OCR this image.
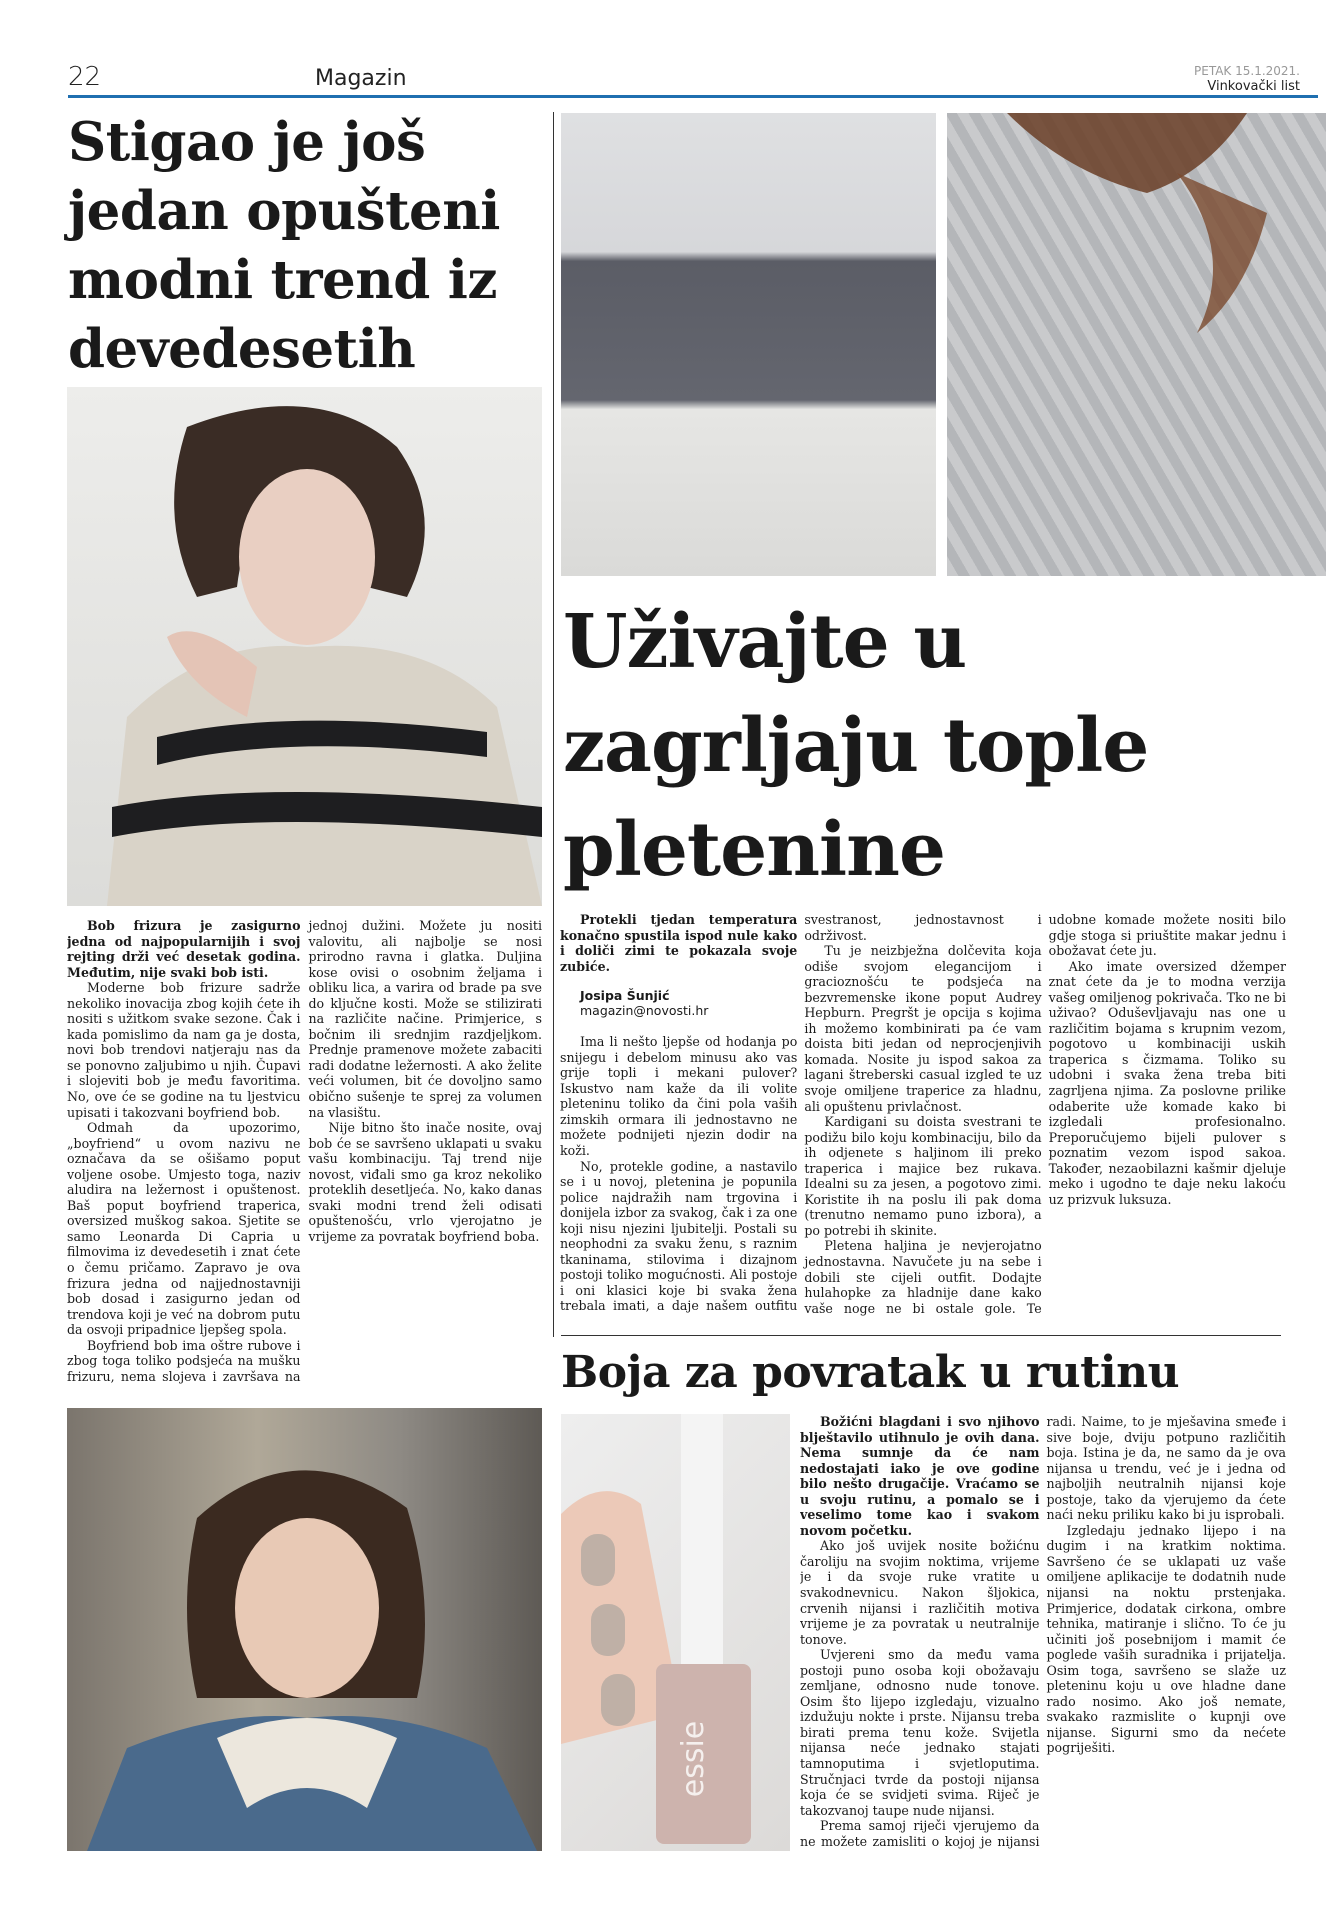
22	Magazin	PETAK 15.1.2021.
Vinkovački list
Stigao je još
jedan opušteni
modni trend iz
devedesetih

Bob frizura je zasigurno jedna od najpopularnijih i svoj rejting drži već desetak godina. Međutim, nije svaki bob isti.

Moderne bob frizure sadrže nekoliko inovacija zbog kojih ćete ih nositi s užitkom svake sezone. Čak i kada pomislimo da nam ga je dosta, novi bob trendovi natjeraju nas da se ponovno zaljubimo u njih. Čupavi i slojeviti bob je među favoritima. No, ove će se godine na tu ljestvicu upisati i takozvani boyfriend bob.

Odmah da upozorimo, „boyfriend“ u ovom nazivu ne označava da se ošišamo poput voljene osobe. Umjesto toga, naziv aludira na ležernost i opuštenost. Baš poput boyfriend traperica, oversized muškog sakoa. Sjetite se samo Leonarda Di Capria u filmovima iz devedesetih i znat ćete o čemu pričamo. Zapravo je ova frizura jedna od najjednostavniji bob dosad i zasigurno jedan od trendova koji je već na dobrom putu da osvoji pripadnice ljepšeg spola.

Boyfriend bob ima oštre rubove i zbog toga toliko podsjeća na mušku frizuru, nema slojeva i završava na jednoj dužini. Možete ju nositi valovitu, ali najbolje se nosi prirodno ravna i glatka. Duljina kose ovisi o osobnim željama i obliku lica, a varira od brade pa sve do ključne kosti. Može se stilizirati na različite načine. Primjerice, s bočnim ili srednjim razdjeljkom. Prednje pramenove možete zabaciti radi dodatne ležernosti. A ako želite veći volumen, bit će dovoljno samo obično sušenje te sprej za volumen na vlasištu.

Nije bitno što inače nosite, ovaj bob će se savršeno uklapati u svaku vašu kombinaciju. Taj trend nije novost, viđali smo ga kroz nekoliko proteklih desetljeća. No, kako danas svaki modni trend želi odisati opuštenošću, vrlo vjerojatno je vrijeme za povratak boyfriend boba.

Uživajte u
zagrljaju tople
pletenine

Protekli tjedan temperatura konačno spustila ispod nule kako i doliči zimi te pokazala svoje zubiće.

Josipa Šunjić

magazin@novosti.hr

Ima li nešto ljepše od hodanja po snijegu i debelom minusu ako vas grije topli i mekani pulover? Iskustvo nam kaže da ili volite pleteninu toliko da čini pola vaših zimskih ormara ili jednostavno ne možete podnijeti njezin dodir na koži.

No, protekle godine, a nastavilo se i u novoj, pletenina je popunila police najdražih nam trgovina i donijela izbor za svakog, čak i za one koji nisu njezini ljubitelji. Postali su neophodni za svaku ženu, s raznim tkaninama, stilovima i dizajnom postoji toliko mogućnosti. Ali postoje i oni klasici koje bi svaka žena trebala imati, a daje našem outfitu svestranost, jednostavnost i održivost.

Tu je neizbježna dolčevita koja odiše svojom elegancijom i gracioznošću te podsjeća na bezvremenske ikone poput Audrey Hepburn. Pregršt je opcija s kojima ih možemo kombinirati pa će vam doista biti jedan od neprocjenjivih komada. Nosite ju ispod sakoa za lagani štreberski casual izgled te uz svoje omiljene traperice za hladnu, ali opuštenu privlačnost.

Kardigani su doista svestrani te podižu bilo koju kombinaciju, bilo da ih odjenete s haljinom ili preko traperica i majice bez rukava. Idealni su za jesen, a pogotovo zimi. Koristite ih na poslu ili pak doma (trenutno nemamo puno izbora), a po potrebi ih skinite.

Pletena haljina je nevjerojatno jednostavna. Navučete ju na sebe i dobili ste cijeli outfit. Dodajte hulahopke za hladnije dane kako vaše noge ne bi ostale gole. Te udobne komade možete nositi bilo gdje stoga si priuštite makar jednu i obožavat ćete ju.

Ako imate oversized džemper znat ćete da je to modna verzija vašeg omiljenog pokrivača. Tko ne bi uživao? Oduševljavaju nas one u različitim bojama s krupnim vezom, pogotovo u kombinaciji uskih traperica s čizmama. Toliko su udobni i svaka žena treba biti zagrljena njima. Za poslovne prilike odaberite uže komade kako bi izgledali profesionalno. Preporučujemo bijeli pulover s poznatim vezom ispod sakoa. Također, nezaobilazni kašmir djeluje meko i ugodno te daje neku lakoću uz prizvuk luksuza.

Boja za povratak u rutinu
essie

Božićni blagdani i svo njihovo blještavilo utihnulo je ovih dana. Nema sumnje da će nam nedostajati iako je ove godine bilo nešto drugačije. Vraćamo se u svoju rutinu, a pomalo se i veselimo tome kao i svakom novom početku.

Ako još uvijek nosite božićnu čaroliju na svojim noktima, vrijeme je i da svoje ruke vratite u svakodnevnicu. Nakon šljokica, crvenih nijansi i različitih motiva vrijeme je za povratak u neutralnije tonove.

Uvjereni smo da među vama postoji puno osoba koji obožavaju zemljane, odnosno nude tonove. Osim što lijepo izgledaju, vizualno izdužuju nokte i prste. Nijansu treba birati prema tenu kože. Svijetla nijansa neće jednako stajati tamnoputima i svjetloputima. Stručnjaci tvrde da postoji nijansa koja će se svidjeti svima. Riječ je takozvanoj taupe nude nijansi.

Prema samoj riječi vjerujemo da ne možete zamisliti o kojoj je nijansi radi. Naime, to je mješavina smeđe i sive boje, dviju potpuno različitih boja. Istina je da, ne samo da je ova nijansa u trendu, već je i jedna od najboljih neutralnih nijansi koje postoje, tako da vjerujemo da ćete naći neku priliku kako bi ju isprobali.

Izgledaju jednako lijepo i na dugim i na kratkim noktima. Savršeno će se uklapati uz vaše omiljene aplikacije te dodatnih nude nijansi na noktu prstenjaka. Primjerice, dodatak cirkona, ombre tehnika, matiranje i slično. To će ju učiniti još posebnijom i mamit će poglede vaših suradnika i prijatelja. Osim toga, savršeno se slaže uz pleteninu koju u ove hladne dane rado nosimo. Ako još nemate, svakako razmislite o kupnji ove nijanse. Sigurni smo da nećete pogriješiti.
